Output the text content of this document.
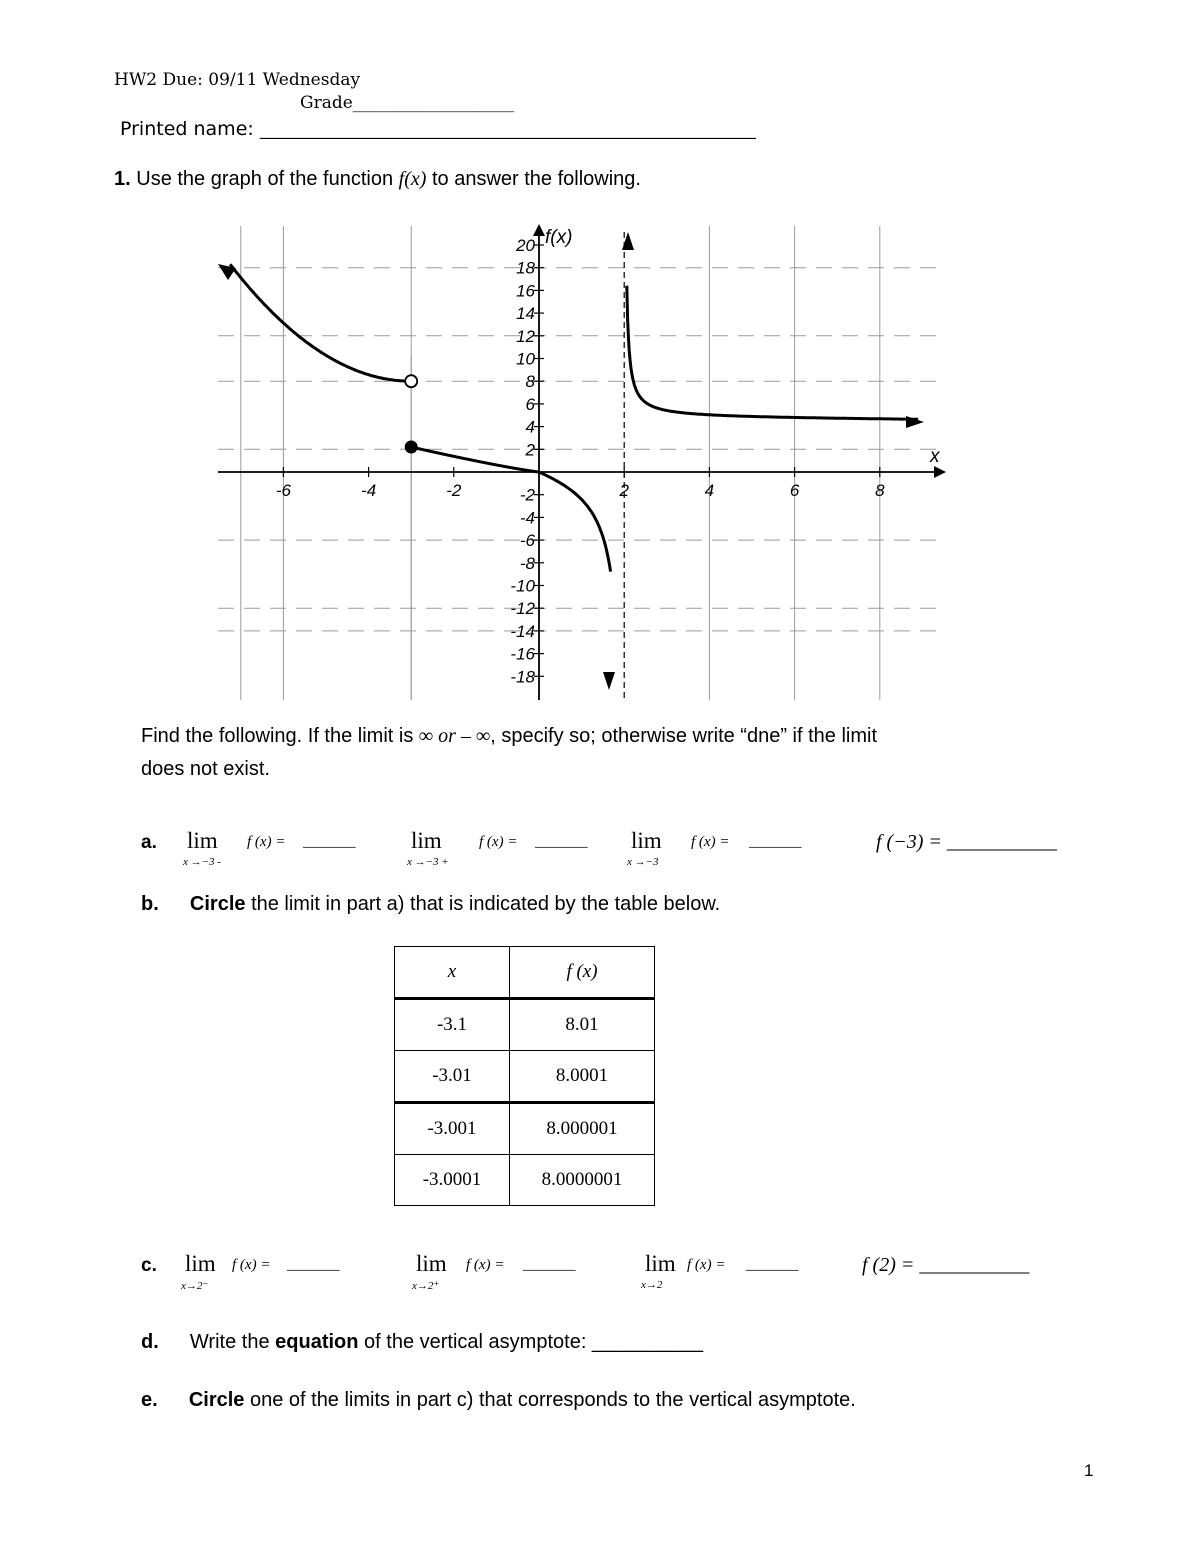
HW2 Due: 09/11 Wednesday
Grade___________________
Printed name: ______________________________________________________________
1. Use the graph of the function f(x) to answer the following.
20
18
16
14
12
10
8
6
4
2
-2
-4
-6
-8
-10
-12
-14
-16
-18
-6	-4	-2	2	4	6	8
f(x)
x
Find the following. If the limit is ∞ or – ∞, specify so; otherwise write “dne” if the limit
does not exist.
a. lim
x →−3 -
f (x) = _______ lim
x →−3 +
f (x) = _______ lim
x →−3
f (x) = _______	f (−3) = ___________
b. Circle the limit in part a) that is indicated by the table below.
x	f (x)
-3.1	8.01
-3.01	8.0001
-3.001	8.000001
-3.0001	8.0000001
c. lim
x→2⁻
f (x) = _______	lim
x→2⁺
f (x) = _______	lim
x→2
f (x) = _______	f (2) = ___________
d. Write the equation of the vertical asymptote: __________
e. Circle one of the limits in part c) that corresponds to the vertical asymptote.
1
